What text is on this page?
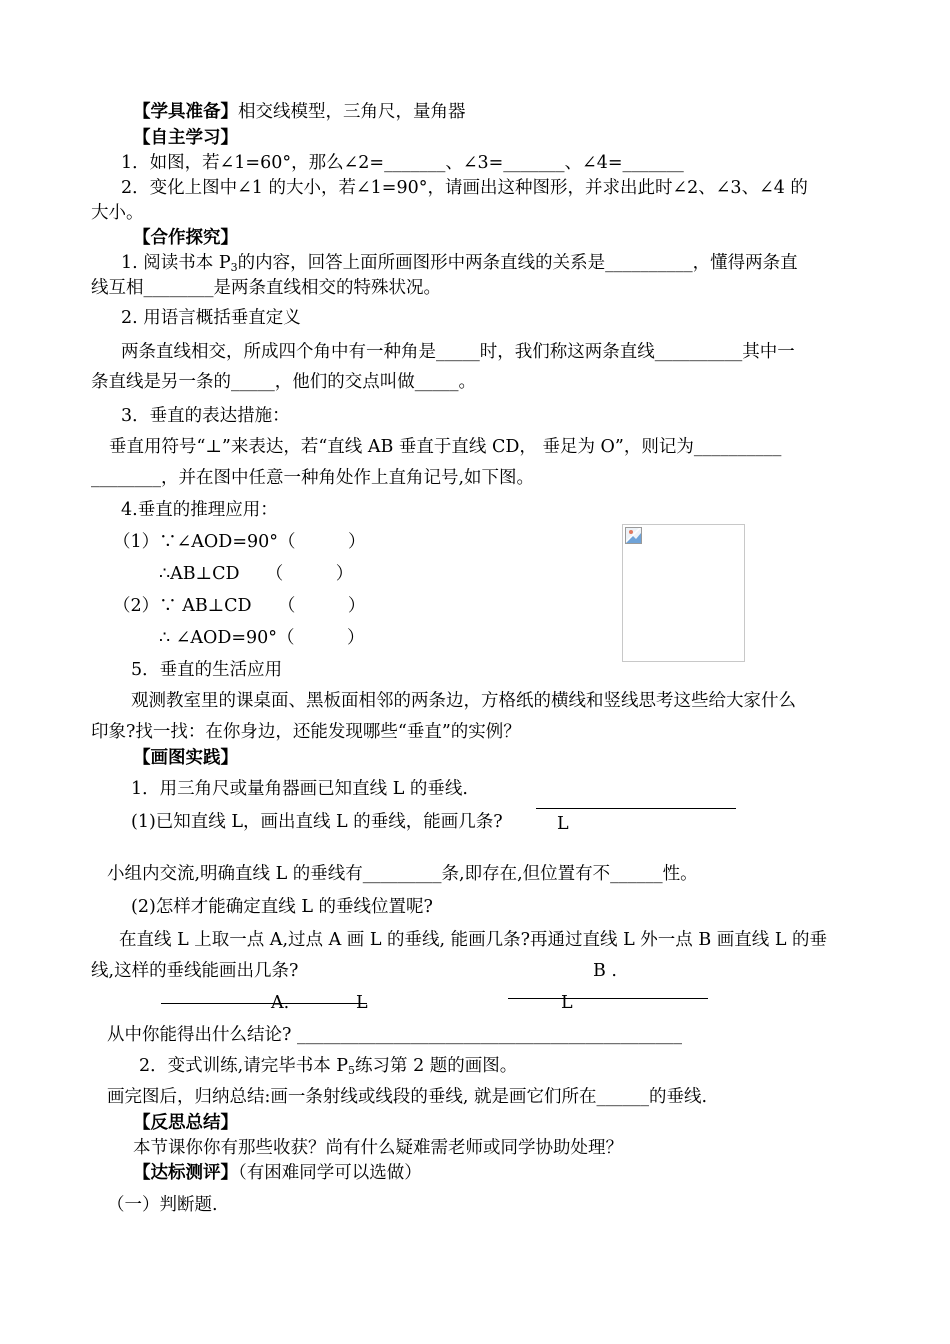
【学具准备】相交线模型，三角尺，量角器
【自主学习】
1．如图，若∠1=60°，那么∠2=_______、∠3=_______、∠4=_______
2．变化上图中∠1 的大小，若∠1=90°，请画出这种图形，并求出此时∠2、∠3、∠4 的
大小。
【合作探究】
1. 阅读书本 $P_3$的内容，回答上面所画图形中两条直线的关系是__________，懂得两条直
线互相________是两条直线相交的特殊状况。
2. 用语言概括垂直定义
两条直线相交，所成四个角中有一种角是_____时，我们称这两条直线__________其中一
条直线是另一条的_____，他们的交点叫做_____。
3．垂直的表达措施：
垂直用符号“⊥”来表达，若“直线 AB 垂直于直线 CD， 垂足为 O”，则记为__________
________，并在图中任意一种角处作上直角记号,如下图。
4.垂直的推理应用：
（1）∵∠AOD=90°（　　　）
∴AB⊥CD　　（　　　）
（2）∵ AB⊥CD　　（　　　）
∴ ∠AOD=90°（　　　）
5．垂直的生活应用
观测教室里的课桌面、黑板面相邻的两条边，方格纸的横线和竖线思考这些给大家什么
印象?找一找：在你身边，还能发现哪些“垂直”的实例？
【画图实践】
1．用三角尺或量角器画已知直线 L 的垂线.
(1)已知直线 L，画出直线 L 的垂线，能画几条?	L
小组内交流,明确直线 L 的垂线有_________条,即存在,但位置有不______性。
(2)怎样才能确定直线 L 的垂线位置呢?
在直线 L 上取一点 A,过点 A 画 L 的垂线, 能画几条?再通过直线 L 外一点 B 画直线 L 的垂
线,这样的垂线能画出几条?	B .
A.	L	L
从中你能得出什么结论? ____________________________________________
2．变式训练,请完毕书本 $P_5$练习第 2 题的画图。
画完图后，归纳总结:画一条射线或线段的垂线, 就是画它们所在______的垂线.
【反思总结】
本节课你你有那些收获？尚有什么疑难需老师或同学协助处理？
【达标测评】（有困难同学可以选做）
（一）判断题.
